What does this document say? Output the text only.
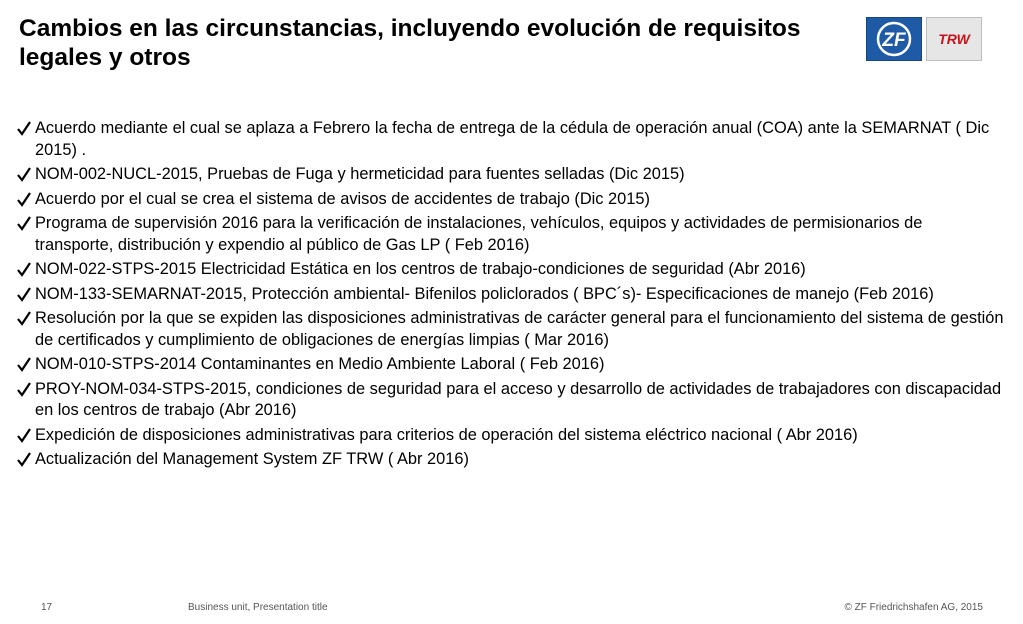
Cambios en las circunstancias, incluyendo evolución de requisitos legales y otros
ZF TRW
Acuerdo mediante el cual se aplaza a Febrero la fecha de entrega de la cédula de operación anual (COA) ante la SEMARNAT ( Dic 2015) .
NOM-002-NUCL-2015, Pruebas de Fuga y hermeticidad para fuentes selladas (Dic 2015)
Acuerdo por el cual se crea el sistema de avisos de accidentes de trabajo (Dic 2015)
Programa de supervisión 2016 para la verificación de instalaciones, vehículos, equipos y actividades de permisionarios de transporte, distribución y expendio al público de Gas LP ( Feb 2016)
NOM-022-STPS-2015 Electricidad Estática en los centros de trabajo-condiciones de seguridad (Abr 2016)
NOM-133-SEMARNAT-2015, Protección ambiental- Bifenilos policlorados ( BPC´s)- Especificaciones de manejo (Feb 2016)
Resolución por la que se expiden las disposiciones administrativas de carácter general para el funcionamiento del sistema de gestión de certificados y cumplimiento de obligaciones de energías limpias ( Mar 2016)
NOM-010-STPS-2014 Contaminantes en Medio Ambiente Laboral ( Feb 2016)
PROY-NOM-034-STPS-2015, condiciones de seguridad para el acceso y desarrollo de actividades de trabajadores con discapacidad en los centros de trabajo (Abr 2016)
Expedición de disposiciones administrativas para criterios de operación del sistema eléctrico nacional ( Abr 2016)
Actualización del Management System ZF TRW ( Abr 2016)
17	Business unit, Presentation title	© ZF Friedrichshafen AG, 2015
